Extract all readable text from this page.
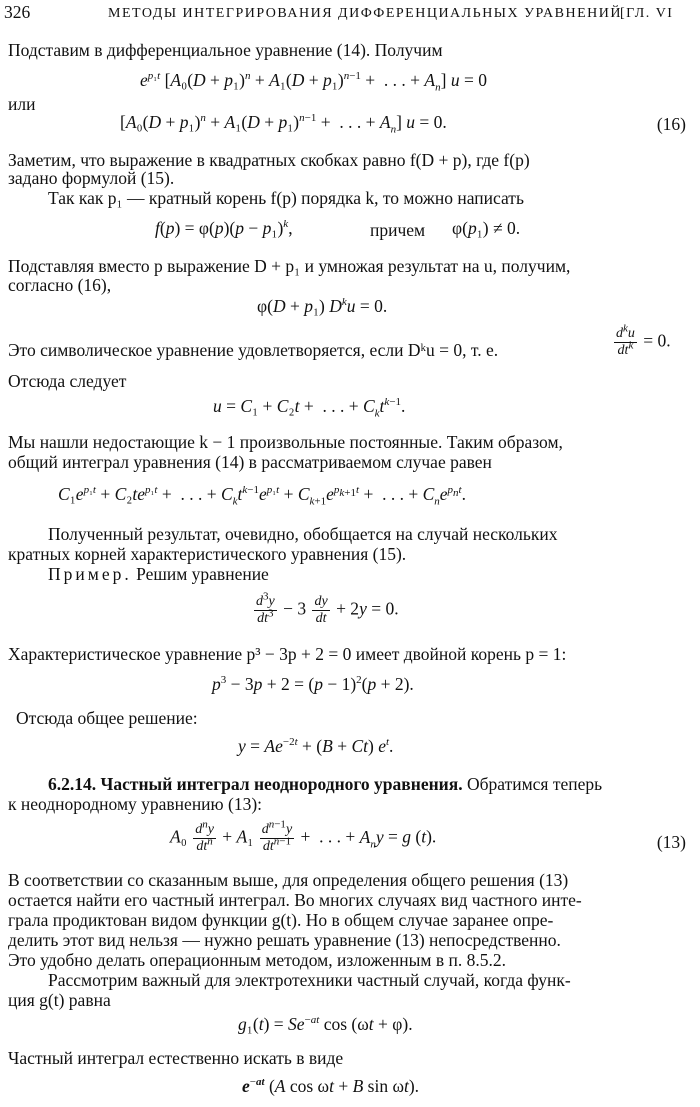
326	МЕТОДЫ ИНТЕГРИРОВАНИЯ ДИФФЕРЕНЦИАЛЬНЫХ УРАВНЕНИЙ
[ГЛ. VI
Подставим в дифференциальное уравнение (14). Получим
$e^{p_1t}$ [$A_0(D + p_1)^n + A_1(D + p_1)^{n-1}$ +  . . . + $A_n$] u = 0
или
[$A_0(D + p_1)^n + A_1(D + p_1)^{n-1}$ +  . . . + $A_n$] u = 0.	(16)
Заметим, что выражение в квадратных скобках равно f(D + p), где f(p)
задано формулой (15).
Так как p₁ — кратный корень f(p) порядка k, то можно написать
$f(p) = \varphi(p)(p - p_1)^k$,	причем φ(p₁) ≠ 0.
Подставляя вместо p выражение D + p₁ и умножая результат на u, получим,
согласно (16),
φ(D + p₁) $D^ku = 0$.
Это символическое уравнение удовлетворяется, если Dᵏu = 0, т. е.	$\frac{d^ku}{dt^k} = 0$.
Отсюда следует
u = C₁ + C₂t +  . . . + $C_kt^{k-1}$.
Мы нашли недостающие k − 1 произвольные постоянные. Таким образом,
общий интеграл уравнения (14) в рассматриваемом случае равен
$C_1e^{p_1t} + C_2te^{p_1t}$ +  . . . + $C_kt^{k-1}e^{p_1t} + C_{k+1}e^{p_{k+1}t}$ +  . . . + $C_ne^{p_nt}$.
Полученный результат, очевидно, обобщается на случай нескольких
кратных корней характеристического уравнения (15).
Пример. Решим уравнение
$\frac{d^3y}{dt^3} - 3 \frac{dy}{dt} + 2y = 0$.
Характеристическое уравнение p³ − 3p + 2 = 0 имеет двойной корень p = 1:
$p^3 - 3p + 2 = (p - 1)^2(p + 2)$.
Отсюда общее решение:
$y = Ae^{-2t} + (B + Ct)$ $e^t$.
6.2.14. Частный интеграл неоднородного уравнения. Обратимся теперь
к неоднородному уравнению (13):
$A_0 \frac{d^ny}{dt^n} + A_1 \frac{d^{n-1}y}{dt^{n-1}}$ +  . . . + $A_ny = g$ (t).	(13)
В соответствии со сказанным выше, для определения общего решения (13)
остается найти его частный интеграл. Во многих случаях вид частного инте-
грала продиктован видом функции g(t). Но в общем случае заранее опре-
делить этот вид нельзя — нужно решать уравнение (13) непосредственно.
Это удобно делать операционным методом, изложенным в п. 8.5.2.
Рассмотрим важный для электротехники частный случай, когда функ-
ция g(t) равна
$g_1(t) = Se^{-at}$ cos (ωt + φ).
Частный интеграл естественно искать в виде
$e^{-at}$ (A cos ωt + B sin ωt).
